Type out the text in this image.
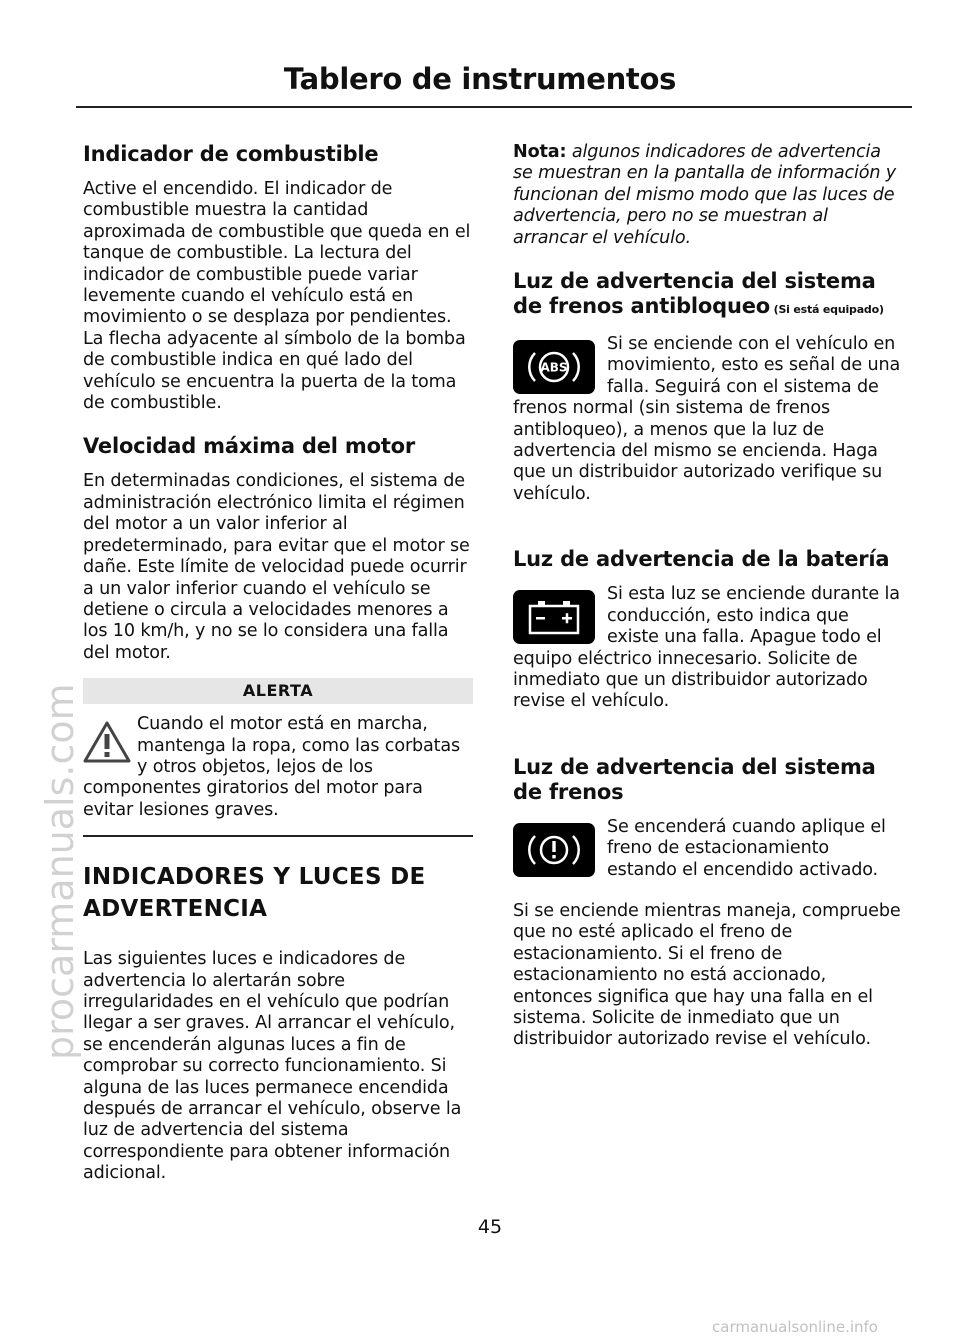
Tablero de instrumentos
Indicador de combustible

Active el encendido. El indicador de combustible muestra la cantidad aproximada de combustible que queda en el tanque de combustible. La lectura del indicador de combustible puede variar levemente cuando el vehículo está en movimiento o se desplaza por pendientes. La flecha adyacente al símbolo de la bomba de combustible indica en qué lado del vehículo se encuentra la puerta de la toma de combustible.

Velocidad máxima del motor

En determinadas condiciones, el sistema de administración electrónico limita el régimen del motor a un valor inferior al predeterminado, para evitar que el motor se dañe. Este límite de velocidad puede ocurrir a un valor inferior cuando el vehículo se detiene o circula a velocidades menores a los 10 km/h, y no se lo considera una falla del motor.

ALERTA

Cuando el motor está en marcha, mantenga la ropa, como las corbatas y otros objetos, lejos de los componentes giratorios del motor para evitar lesiones graves.

INDICADORES Y LUCES DE
ADVERTENCIA

Las siguientes luces e indicadores de advertencia lo alertarán sobre irregularidades en el vehículo que podrían llegar a ser graves. Al arrancar el vehículo, se encenderán algunas luces a fin de comprobar su correcto funcionamiento. Si alguna de las luces permanece encendida después de arrancar el vehículo, observe la luz de advertencia del sistema correspondiente para obtener información adicional.

Nota: algunos indicadores de advertencia se muestran en la pantalla de información y funcionan del mismo modo que las luces de advertencia, pero no se muestran al arrancar el vehículo.

Luz de advertencia del sistema de frenos antibloqueo (Si está equipado)
ABS

Si se enciende con el vehículo en movimiento, esto es señal de una falla. Seguirá con el sistema de frenos normal (sin sistema de frenos antibloqueo), a menos que la luz de advertencia del mismo se encienda. Haga que un distribuidor autorizado verifique su vehículo.

Luz de advertencia de la batería

Si esta luz se enciende durante la conducción, esto indica que existe una falla. Apague todo el equipo eléctrico innecesario. Solicite de inmediato que un distribuidor autorizado revise el vehículo.

Luz de advertencia del sistema de frenos

Se encenderá cuando aplique el freno de estacionamiento estando el encendido activado.

Si se enciende mientras maneja, compruebe que no esté aplicado el freno de estacionamiento. Si el freno de estacionamiento no está accionado, entonces significa que hay una falla en el sistema. Solicite de inmediato que un distribuidor autorizado revise el vehículo.

45
procarmanuals.com
carmanualsonline.info
